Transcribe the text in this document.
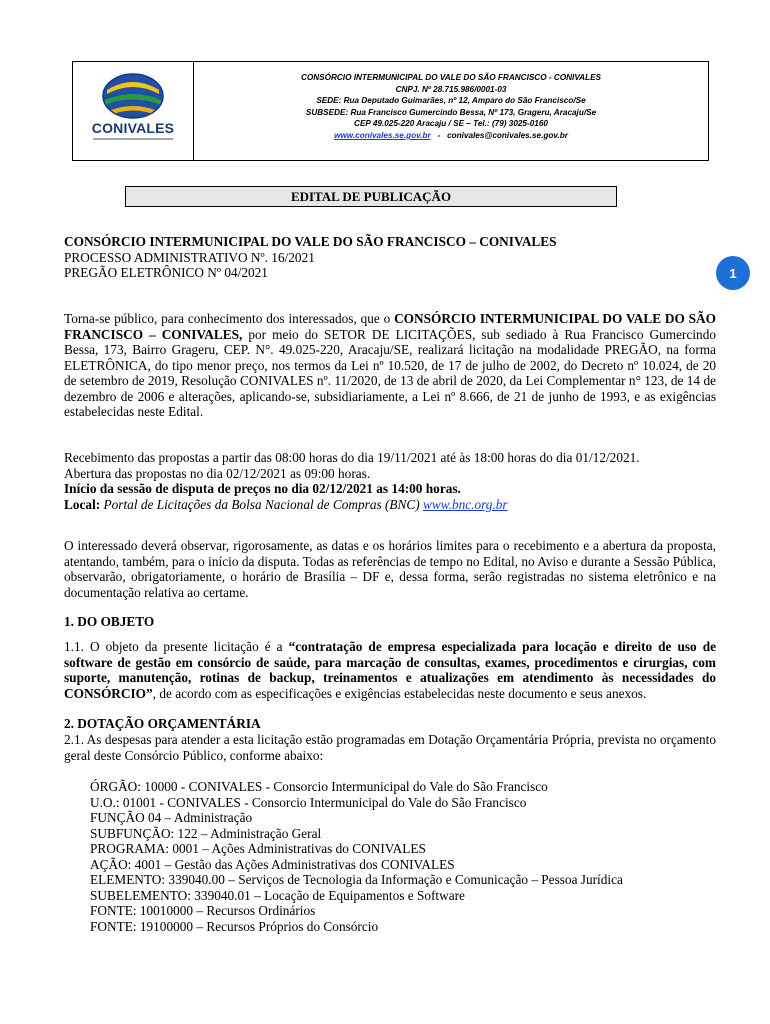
CONIVALES
CONSÓRCIO INTERMUNICIPAL DO VALE DO SÃO FRANCISCO - CONIVALES
CNPJ. Nº 28.715.986/0001-03
SEDE: Rua Deputado Guimarães, nº 12, Amparo do São Francisco/Se
SUBSEDE: Rua Francisco Gumercindo Bessa, Nº 173, Grageru, Aracaju/Se
CEP 49.025-220 Aracaju / SE – Tel.: (79) 3025-0160
www.conivales.se.gov.br - conivales@conivales.se.gov.br
EDITAL DE PUBLICAÇÃO
1
CONSÓRCIO INTERMUNICIPAL DO VALE DO SÃO FRANCISCO – CONIVALES
PROCESSO ADMINISTRATIVO Nº. 16/2021
PREGÃO ELETRÔNICO Nº 04/2021
Torna-se público, para conhecimento dos interessados, que o CONSÓRCIO INTERMUNICIPAL DO VALE DO SÃO FRANCISCO – CONIVALES, por meio do SETOR DE LICITAÇÕES, sub sediado à Rua Francisco Gumercindo Bessa, 173, Bairro Grageru, CEP. N°. 49.025-220, Aracaju/SE, realizará licitação na modalidade PREGÃO, na forma ELETRÔNICA, do tipo menor preço, nos termos da Lei nº 10.520, de 17 de julho de 2002, do Decreto nº 10.024, de 20 de setembro de 2019, Resolução CONIVALES nº. 11/2020, de 13 de abril de 2020, da Lei Complementar n° 123, de 14 de dezembro de 2006 e alterações, aplicando-se, subsidiariamente, a Lei nº 8.666, de 21 de junho de 1993, e as exigências estabelecidas neste Edital.
Recebimento das propostas a partir das 08:00 horas do dia 19/11/2021 até às 18:00 horas do dia 01/12/2021.
Abertura das propostas no dia 02/12/2021 as 09:00 horas.
Início da sessão de disputa de preços no dia 02/12/2021 as 14:00 horas.
Local: Portal de Licitações da Bolsa Nacional de Compras (BNC) www.bnc.org.br
O interessado deverá observar, rigorosamente, as datas e os horários limites para o recebimento e a abertura da proposta, atentando, também, para o início da disputa. Todas as referências de tempo no Edital, no Aviso e durante a Sessão Pública, observarão, obrigatoriamente, o horário de Brasília – DF e, dessa forma, serão registradas no sistema eletrônico e na documentação relativa ao certame.
1. DO OBJETO
1.1. O objeto da presente licitação é a “contratação de empresa especializada para locação e direito de uso de software de gestão em consórcio de saúde, para marcação de consultas, exames, procedimentos e cirurgias, com suporte, manutenção, rotinas de backup, treinamentos e atualizações em atendimento às necessidades do CONSÓRCIO”, de acordo com as especificações e exigências estabelecidas neste documento e seus anexos.
2. DOTAÇÃO ORÇAMENTÁRIA
2.1. As despesas para atender a esta licitação estão programadas em Dotação Orçamentária Própria, prevista no orçamento geral deste Consórcio Público, conforme abaixo:
ÓRGÃO: 10000 - CONIVALES - Consorcio Intermunicipal do Vale do São Francisco
U.O.: 01001 - CONIVALES - Consorcio Intermunicipal do Vale do São Francisco
FUNÇÃO 04 – Administração
SUBFUNÇÃO: 122 – Administração Geral
PROGRAMA: 0001 – Ações Administrativas do CONIVALES
AÇÃO: 4001 – Gestão das Ações Administrativas dos CONIVALES
ELEMENTO: 339040.00 – Serviços de Tecnologia da Informação e Comunicação – Pessoa Jurídica
SUBELEMENTO: 339040.01 – Locação de Equipamentos e Software
FONTE: 10010000 – Recursos Ordinários
FONTE: 19100000 – Recursos Próprios do Consórcio
